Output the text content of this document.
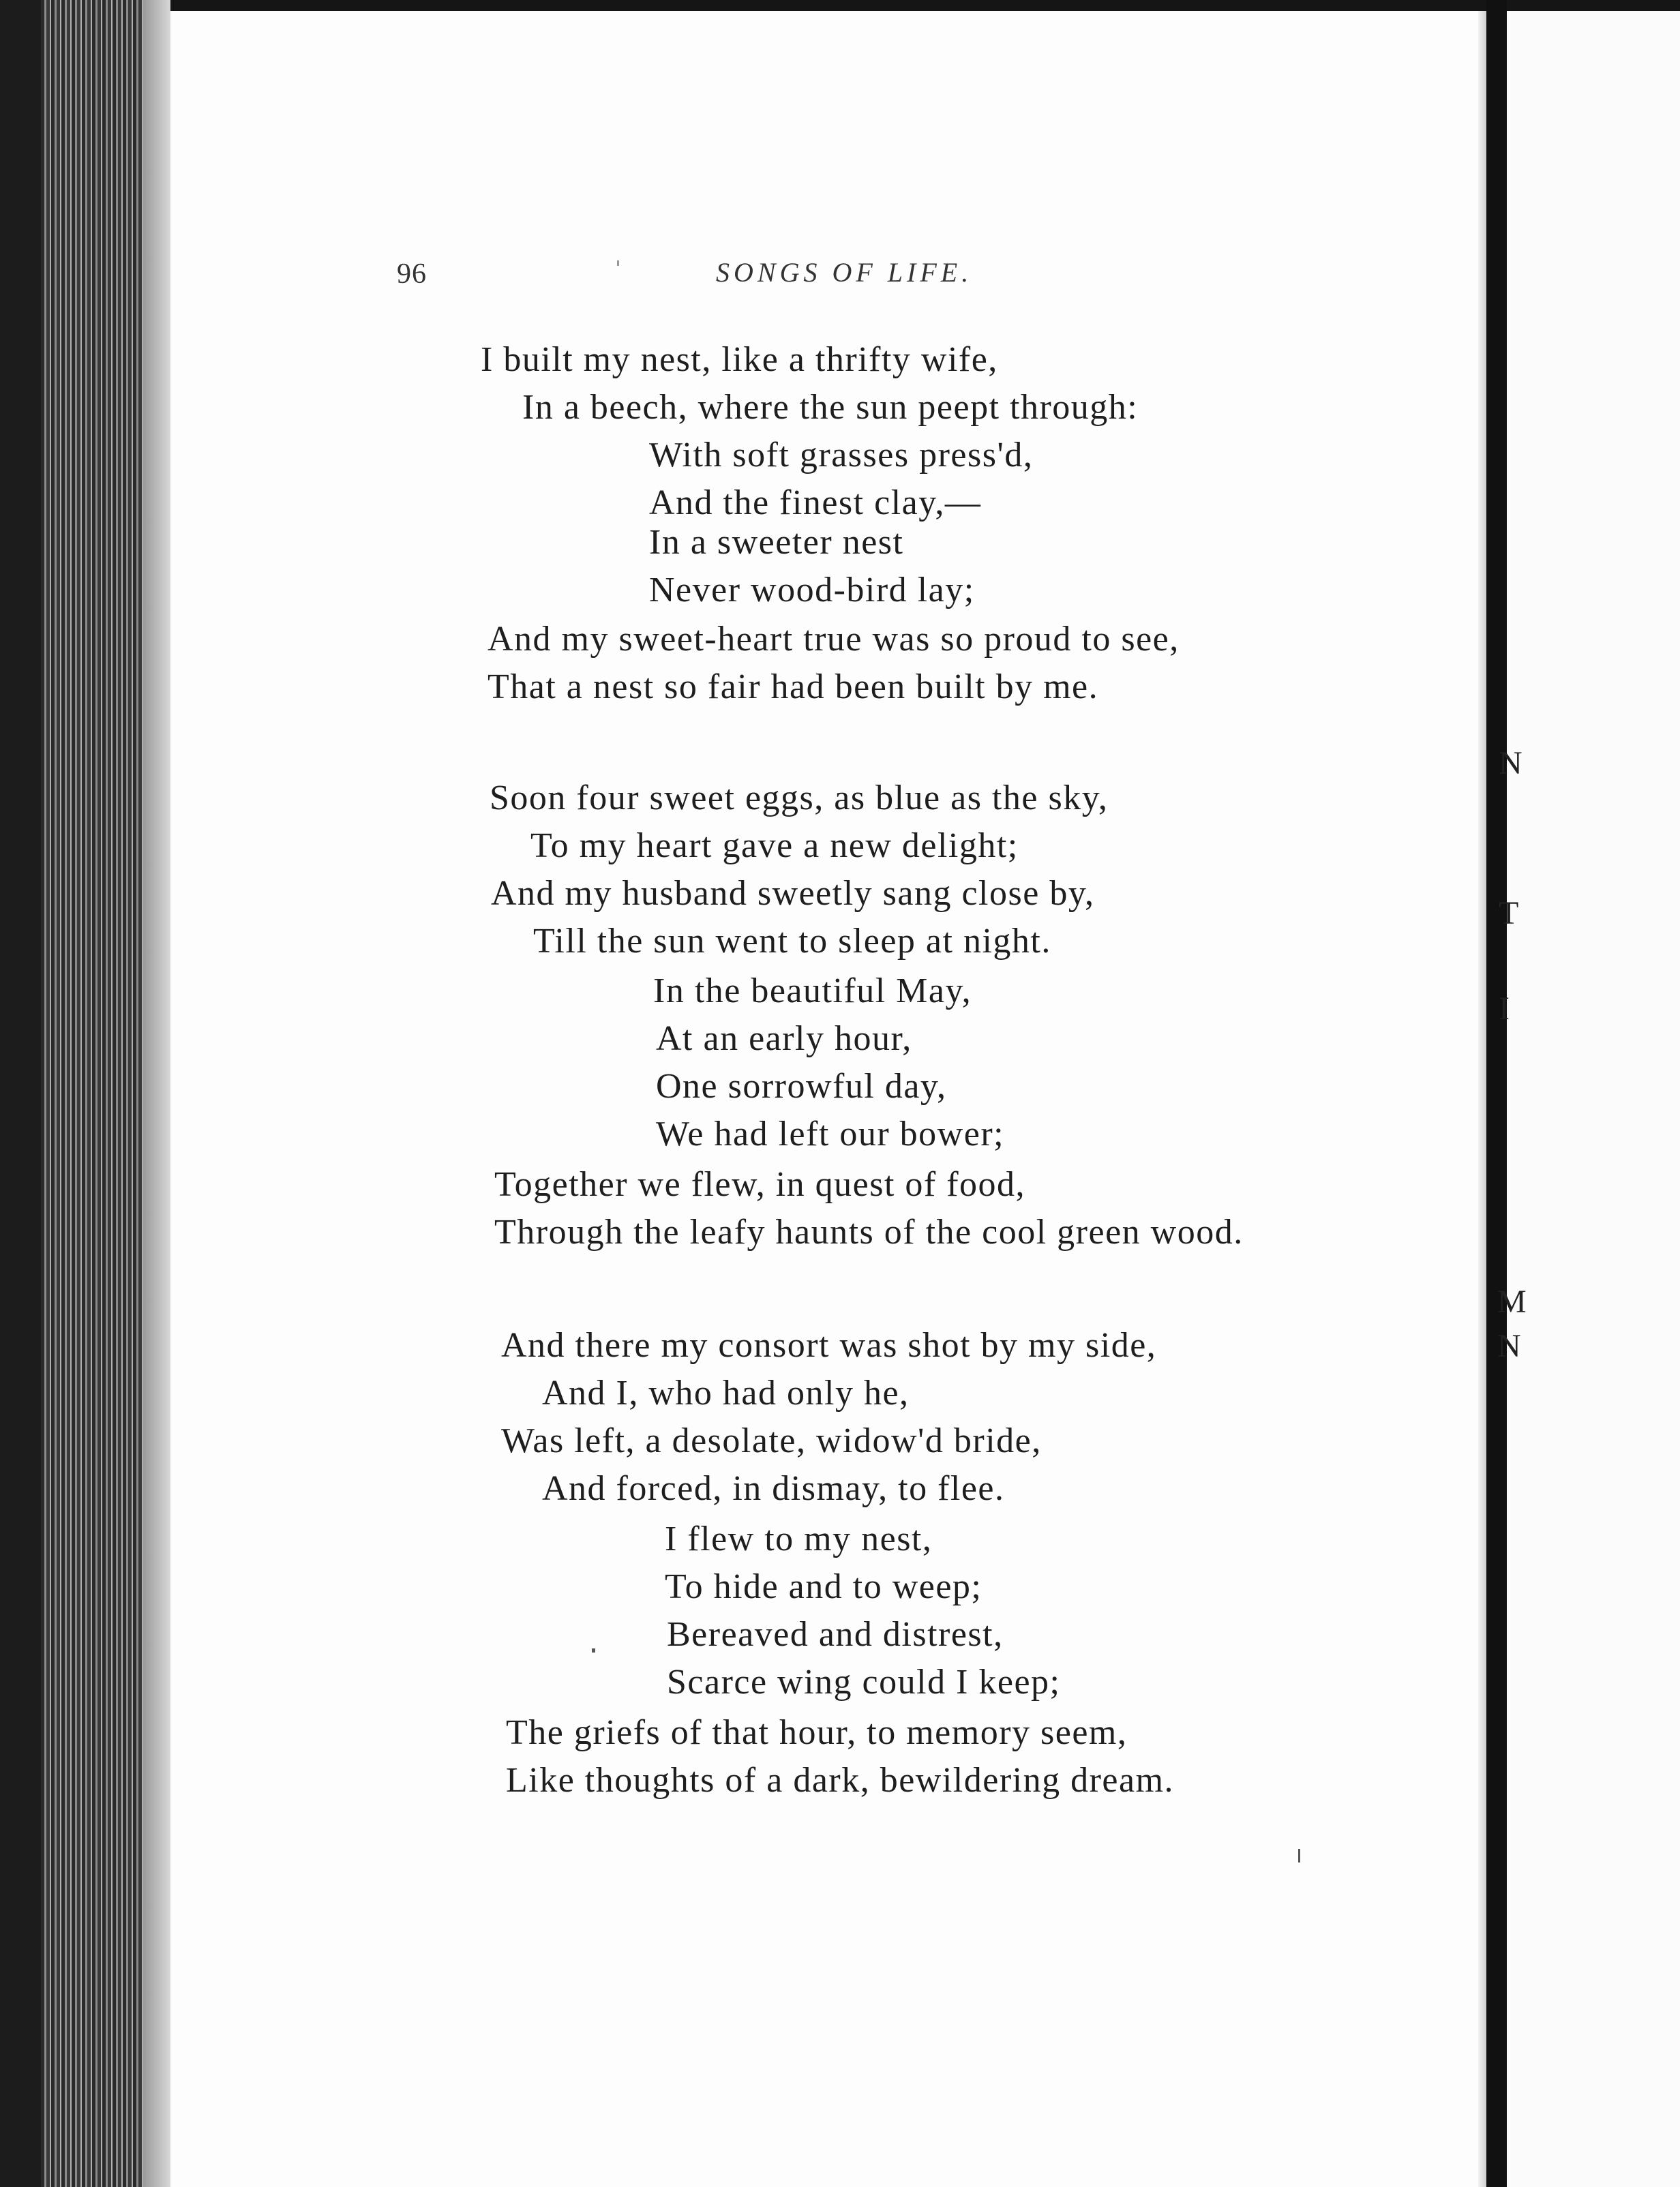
N
T
I
M
N
96	SONGS OF LIFE.
I built my nest, like a thrifty wife,
In a beech, where the sun peept through:
With soft grasses press'd,
And the finest clay,—
In a sweeter nest
Never wood-bird lay;
And my sweet-heart true was so proud to see,
That a nest so fair had been built by me.
Soon four sweet eggs, as blue as the sky,
To my heart gave a new delight;
And my husband sweetly sang close by,
Till the sun went to sleep at night.
In the beautiful May,
At an early hour,
One sorrowful day,
We had left our bower;
Together we flew, in quest of food,
Through the leafy haunts of the cool green wood.
And there my consort was shot by my side,
And I, who had only he,
Was left, a desolate, widow'd bride,
And forced, in dismay, to flee.
I flew to my nest,
To hide and to weep;
Bereaved and distrest,
Scarce wing could I keep;
The griefs of that hour, to memory seem,
Like thoughts of a dark, bewildering dream.
